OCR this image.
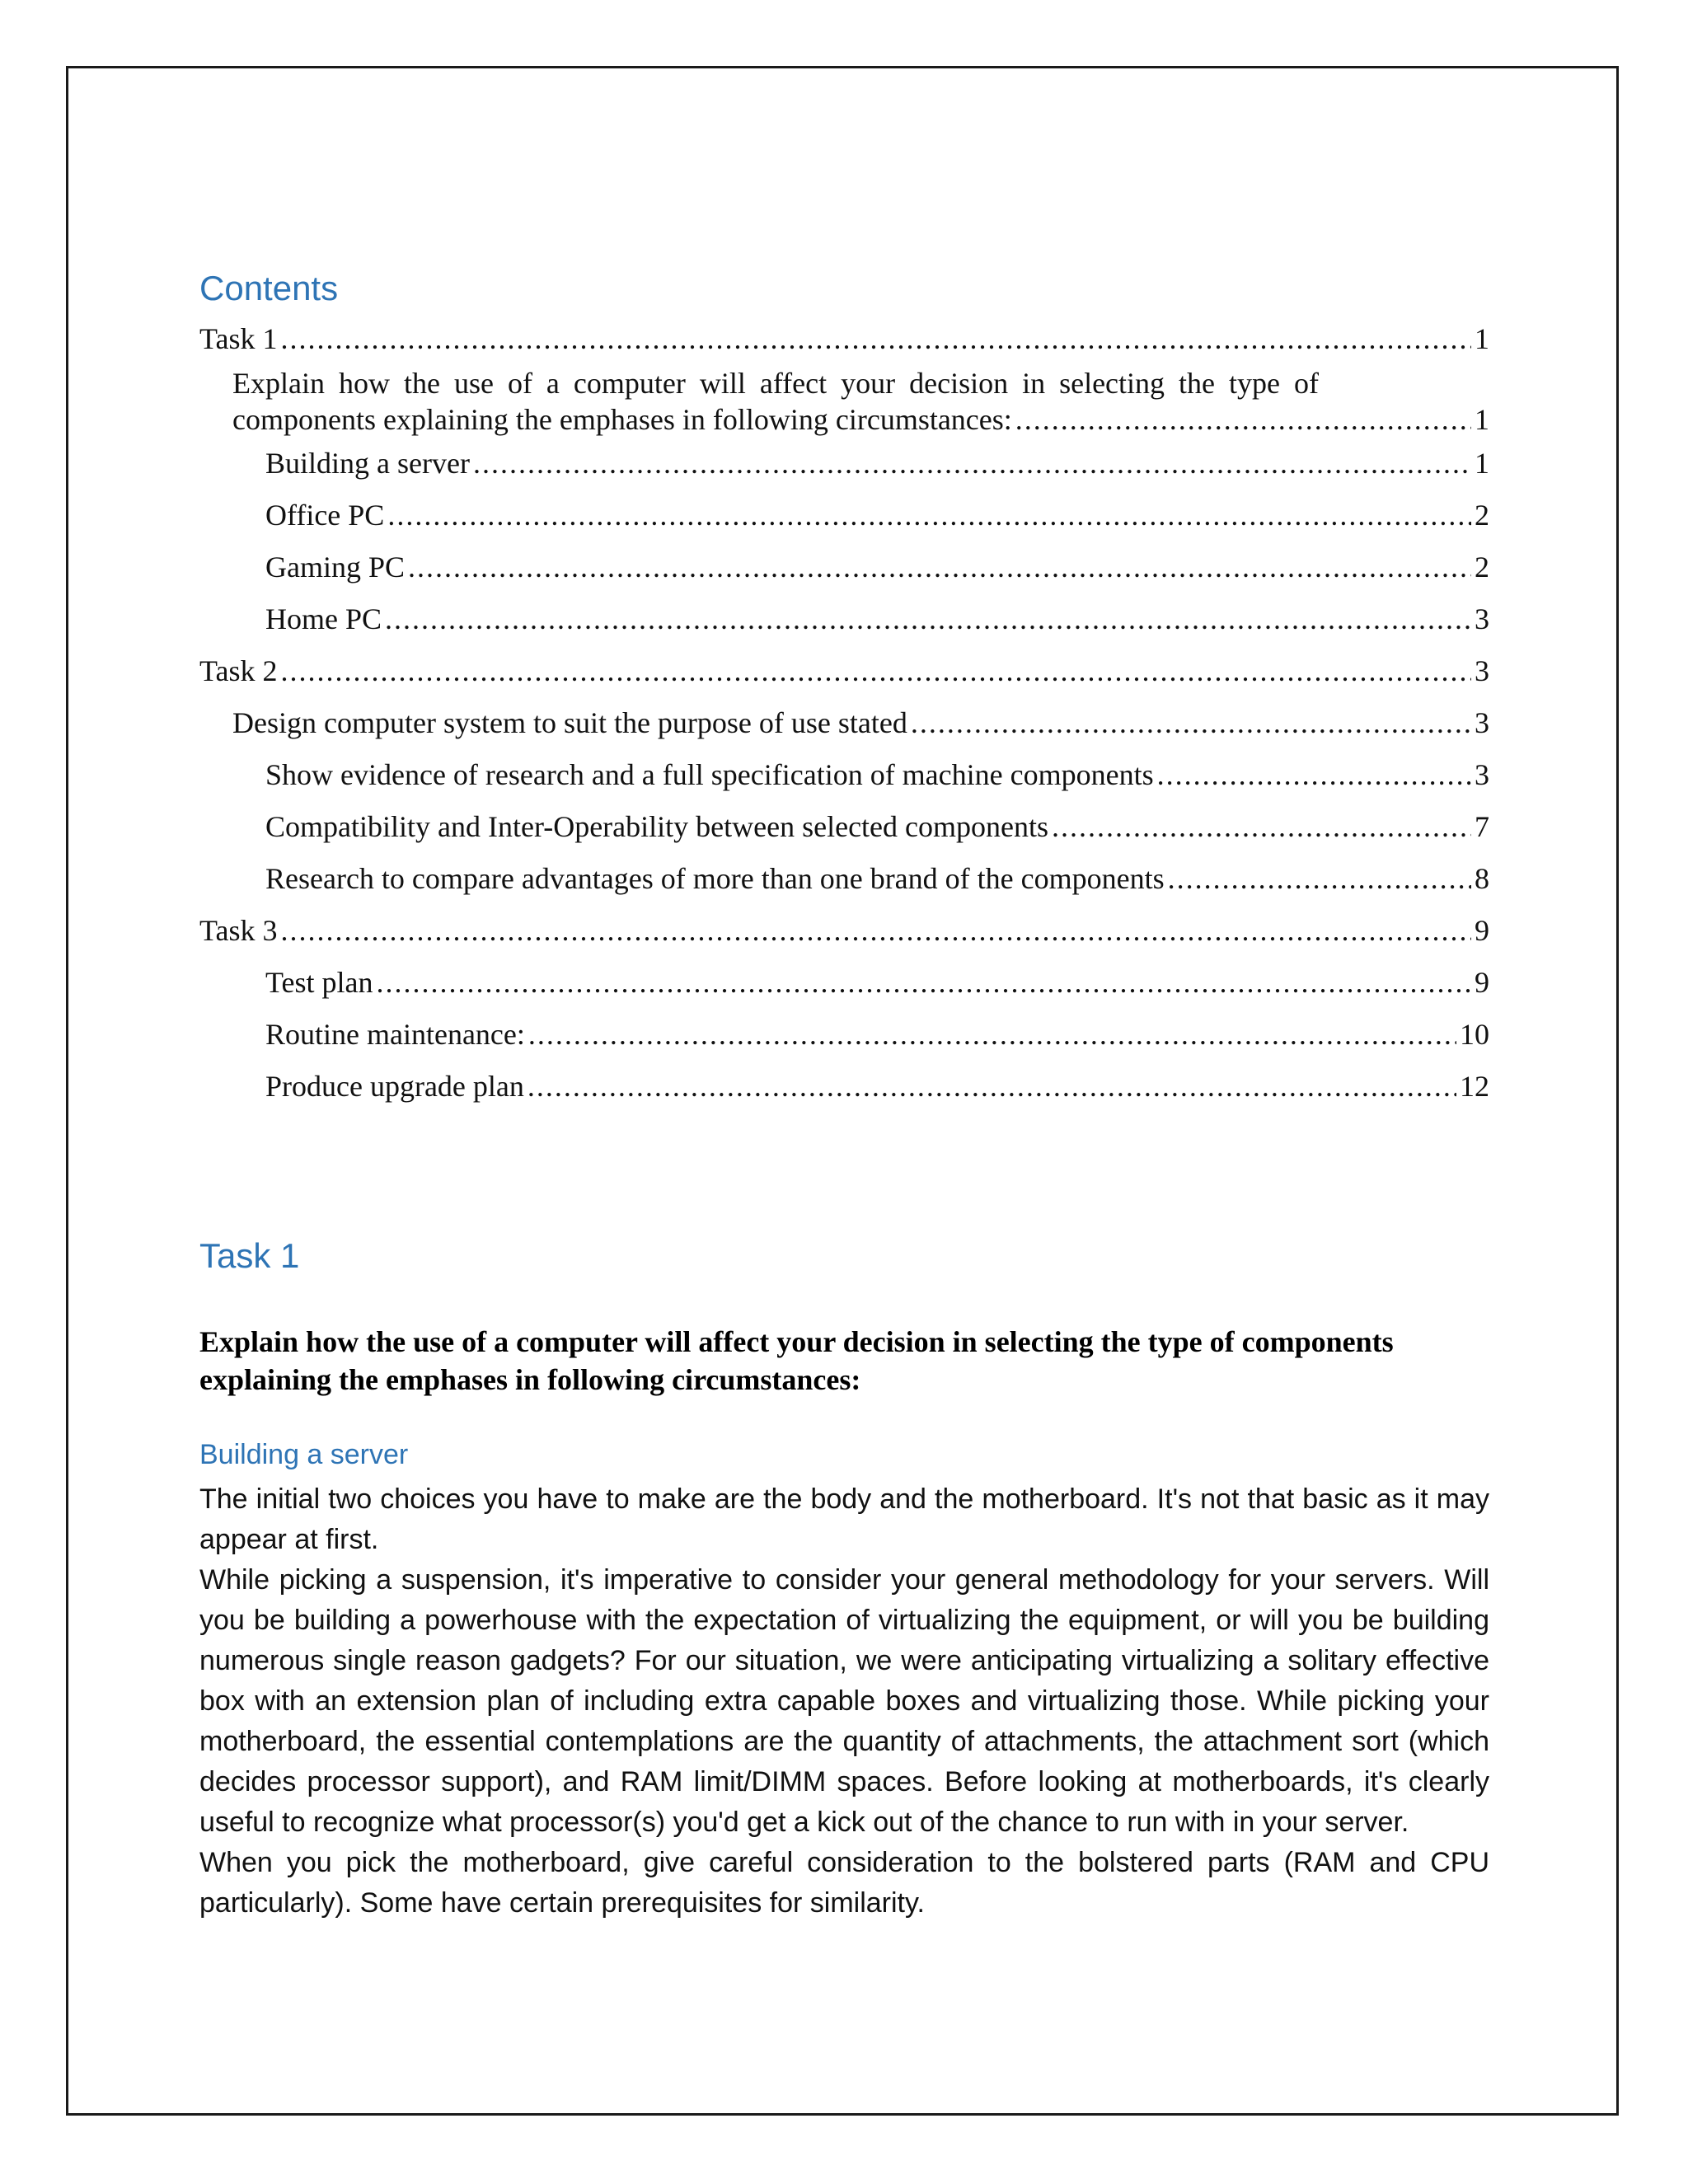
Contents
Task 1 .....	1
Explain how the use of a computer will affect your decision in selecting the type of
components explaining the emphases in following circumstances: .....	1
Building a server .....	1
Office PC .....	2
Gaming PC .....	2
Home PC .....	3
Task 2 .....	3
Design computer system to suit the purpose of use stated .....	3
Show evidence of research and a full specification of machine components .....	3
Compatibility and Inter-Operability between selected components .....	7
Research to compare advantages of more than one brand of the components .....	8
Task 3 .....	9
Test plan .....	9
Routine maintenance: .....	10
Produce upgrade plan .....	12
Task 1

Explain how the use of a computer will affect your decision in selecting the type of components explaining the emphases in following circumstances:

Building a server

The initial two choices you have to make are the body and the motherboard. It's not that basic as it may appear at first.

While picking a suspension, it's imperative to consider your general methodology for your servers. Will you be building a powerhouse with the expectation of virtualizing the equipment, or will you be building numerous single reason gadgets? For our situation, we were anticipating virtualizing a solitary effective box with an extension plan of including extra capable boxes and virtualizing those. While picking your motherboard, the essential contemplations are the quantity of attachments, the attachment sort (which decides processor support), and RAM limit/DIMM spaces. Before looking at motherboards, it's clearly useful to recognize what processor(s) you'd get a kick out of the chance to run with in your server.

When you pick the motherboard, give careful consideration to the bolstered parts (RAM and CPU particularly). Some have certain prerequisites for similarity.
